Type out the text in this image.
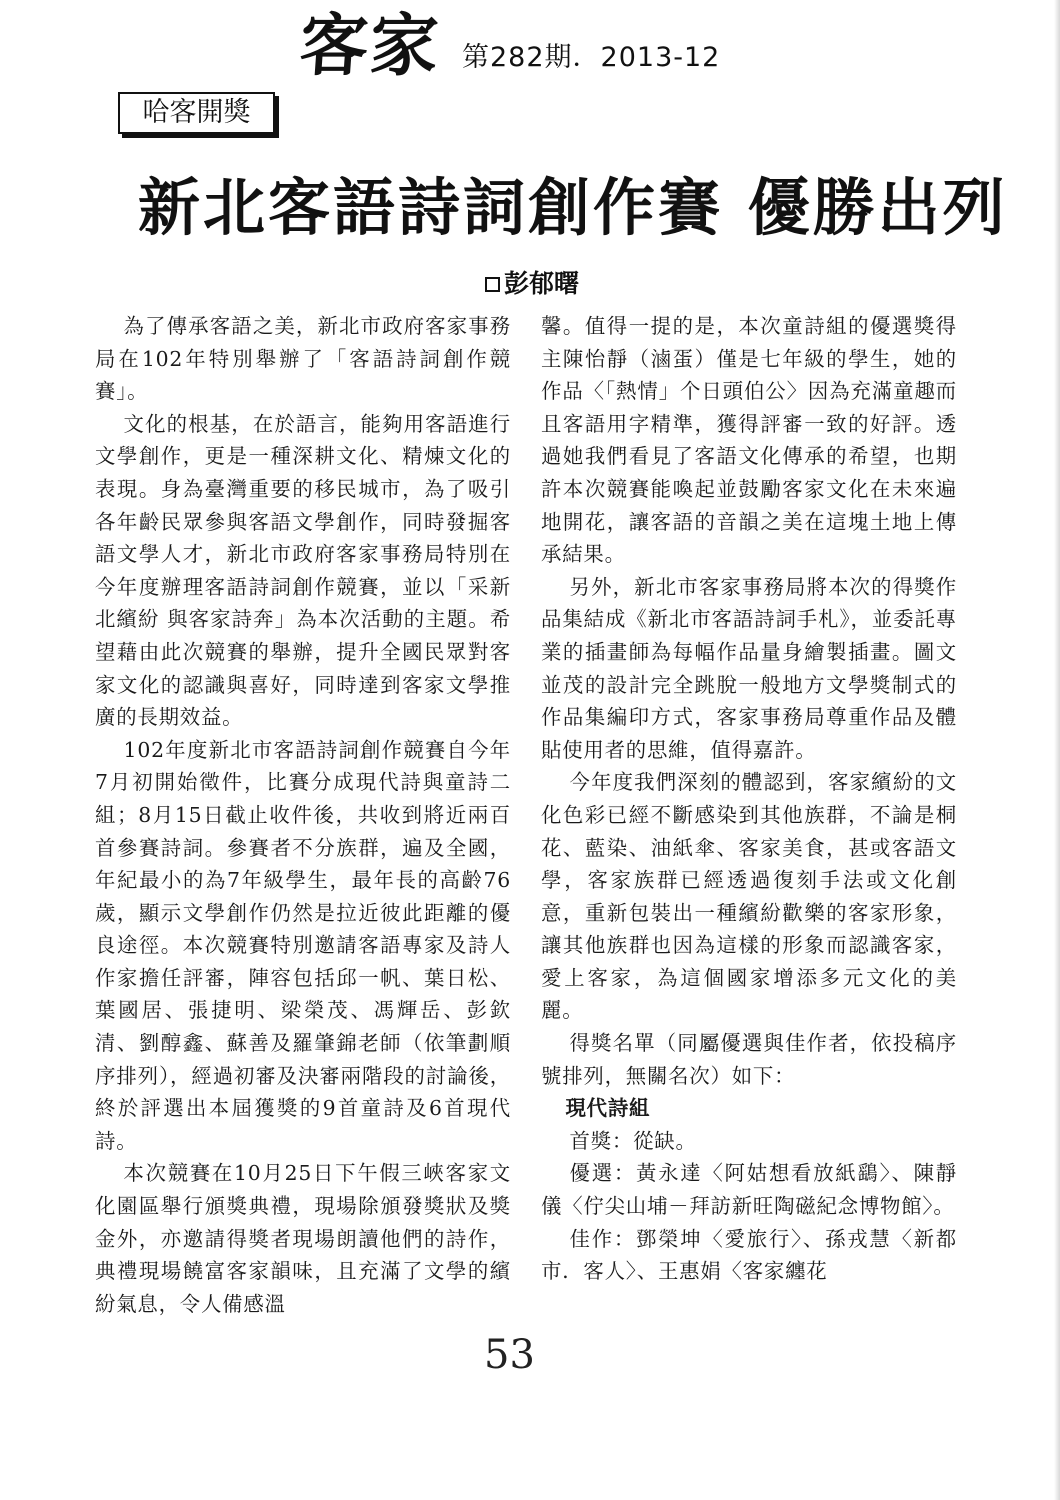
客家 第282期．2013-12
哈客開獎
新北客語詩詞創作賽 優勝出列
彭郁曙

為了傳承客語之美，新北市政府客家事務局在102年特別舉辦了「客語詩詞創作競賽」。

文化的根基，在於語言，能夠用客語進行文學創作，更是一種深耕文化、精煉文化的表現。身為臺灣重要的移民城市，為了吸引各年齡民眾參與客語文學創作，同時發掘客語文學人才，新北市政府客家事務局特別在今年度辦理客語詩詞創作競賽，並以「采新北繽紛 與客家詩奔」為本次活動的主題。希望藉由此次競賽的舉辦，提升全國民眾對客家文化的認識與喜好，同時達到客家文學推廣的長期效益。

102年度新北市客語詩詞創作競賽自今年7月初開始徵件，比賽分成現代詩與童詩二組；8月15日截止收件後，共收到將近兩百首參賽詩詞。參賽者不分族群，遍及全國，年紀最小的為7年級學生，最年長的高齡76歲，顯示文學創作仍然是拉近彼此距離的優良途徑。本次競賽特別邀請客語專家及詩人作家擔任評審，陣容包括邱一帆、葉日松、葉國居、張捷明、梁榮茂、馮輝岳、彭欽清、劉醇鑫、蘇善及羅肇錦老師（依筆劃順序排列），經過初審及決審兩階段的討論後，終於評選出本屆獲獎的9首童詩及6首現代詩。

本次競賽在10月25日下午假三峽客家文化園區舉行頒獎典禮，現場除頒發獎狀及獎金外，亦邀請得獎者現場朗讀他們的詩作，典禮現場饒富客家韻味，且充滿了文學的繽紛氣息，令人備感溫

馨。值得一提的是，本次童詩組的優選獎得主陳怡靜（滷蛋）僅是七年級的學生，她的作品〈「熱情」个日頭伯公〉因為充滿童趣而且客語用字精準，獲得評審一致的好評。透過她我們看見了客語文化傳承的希望，也期許本次競賽能喚起並鼓勵客家文化在未來遍地開花，讓客語的音韻之美在這塊土地上傳承結果。

另外，新北市客家事務局將本次的得獎作品集結成《新北市客語詩詞手札》，並委託專業的插畫師為每幅作品量身繪製插畫。圖文並茂的設計完全跳脫一般地方文學獎制式的作品集編印方式，客家事務局尊重作品及體貼使用者的思維，值得嘉許。

今年度我們深刻的體認到，客家繽紛的文化色彩已經不斷感染到其他族群，不論是桐花、藍染、油紙傘、客家美食，甚或客語文學，客家族群已經透過復刻手法或文化創意，重新包裝出一種繽紛歡樂的客家形象，讓其他族群也因為這樣的形象而認識客家，愛上客家，為這個國家增添多元文化的美麗。

得獎名單（同屬優選與佳作者，依投稿序號排列，無關名次）如下：

現代詩組

首獎：從缺。

優選：黃永達〈阿姑想看放紙鷂〉、陳靜儀〈佇尖山埔－拜訪新旺陶磁紀念博物館〉。

佳作：鄧榮坤〈愛旅行〉、孫戎慧〈新都市．客人〉、王惠娟〈客家纏花

53
